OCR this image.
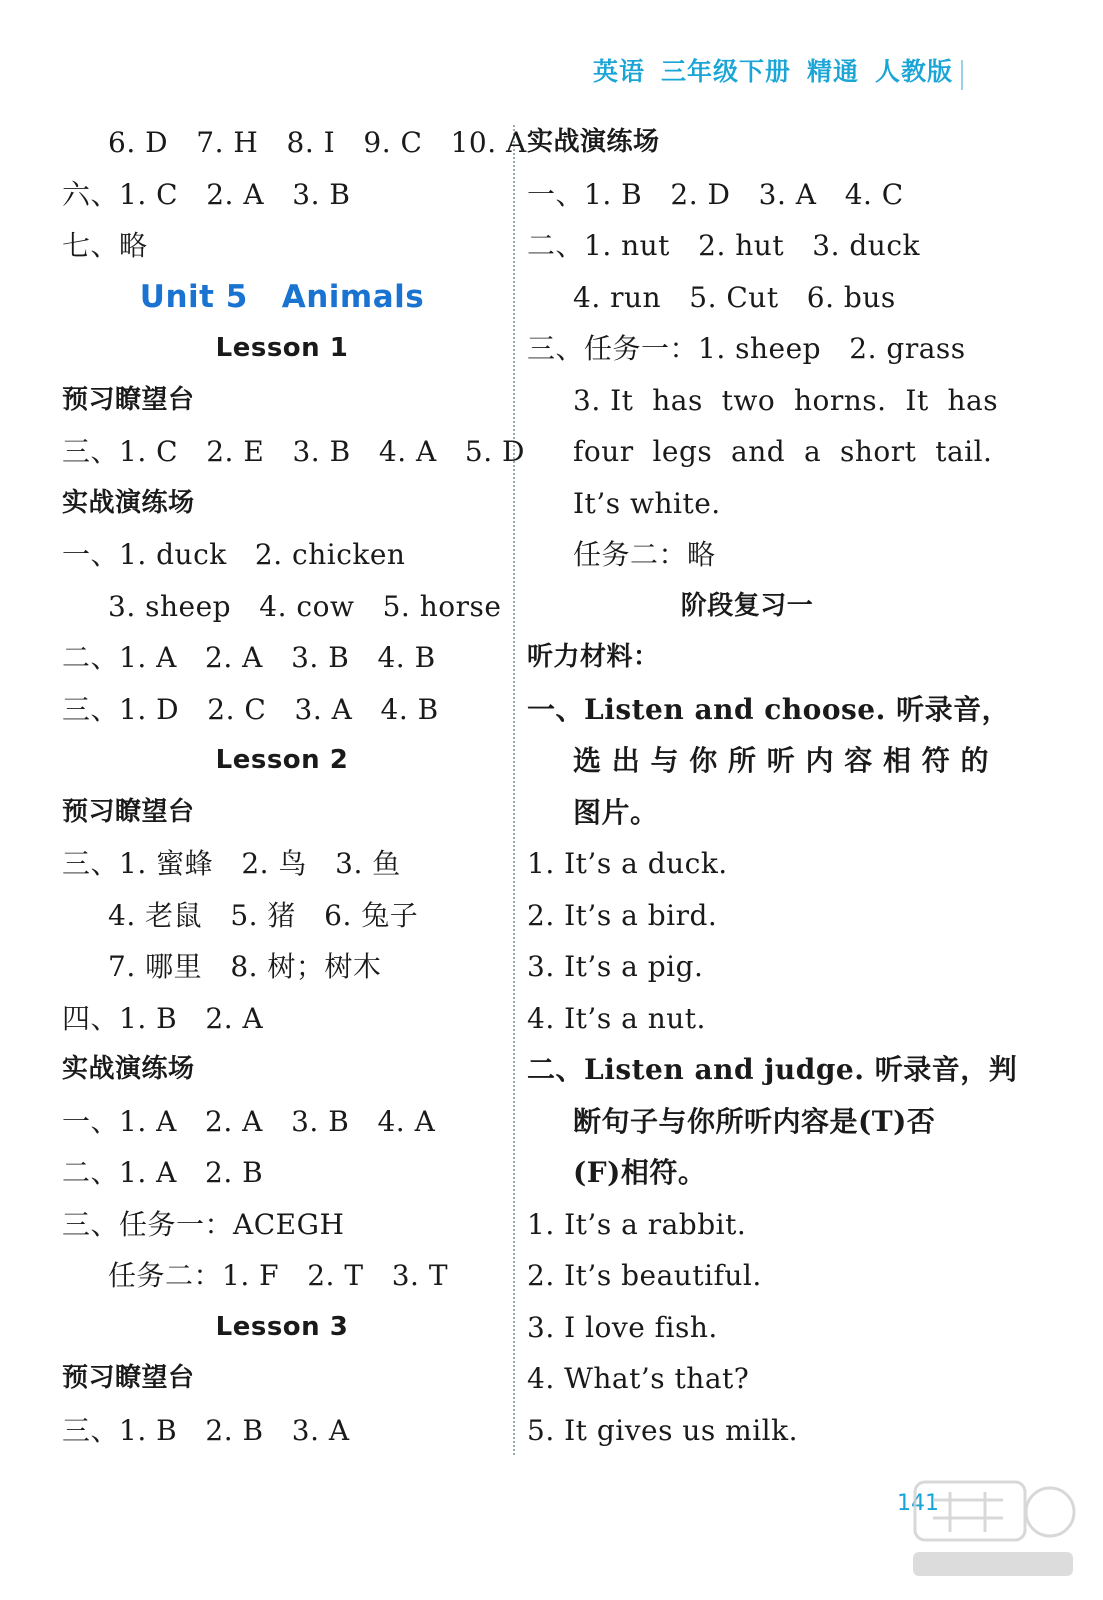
英语 三年级下册 精通 人教版
6. D   7. H   8. I   9. C   10. A
六、1. C   2. A   3. B
七、略
Unit 5   Animals
Lesson 1
预习瞭望台
三、1. C   2. E   3. B   4. A   5. D
实战演练场
一、1. duck   2. chicken
3. sheep   4. cow   5. horse
二、1. A   2. A   3. B   4. B
三、1. D   2. C   3. A   4. B
Lesson 2
预习瞭望台
三、1. 蜜蜂   2. 鸟   3. 鱼
4. 老鼠   5. 猪   6. 兔子
7. 哪里   8. 树；树木
四、1. B   2. A
实战演练场
一、1. A   2. A   3. B   4. A
二、1. A   2. B
三、任务一：ACEGH
任务二：1. F   2. T   3. T
Lesson 3
预习瞭望台
三、1. B   2. B   3. A
实战演练场
一、1. B   2. D   3. A   4. C
二、1. nut   2. hut   3. duck
4. run   5. Cut   6. bus
三、任务一：1. sheep   2. grass
3. It  has  two  horns.  It  has
four  legs  and  a  short  tail.
It’s white.
任务二：略
阶段复习一
听力材料：
一、Listen and choose. 听录音，
选 出 与 你 所 听 内 容 相 符 的
图片。
1. It’s a duck.
2. It’s a bird.
3. It’s a pig.
4. It’s a nut.
二、Listen and judge. 听录音，判
断句子与你所听内容是(T)否
(F)相符。
1. It’s a rabbit.
2. It’s beautiful.
3. I love fish.
4. What’s that?
5. It gives us milk.
141
